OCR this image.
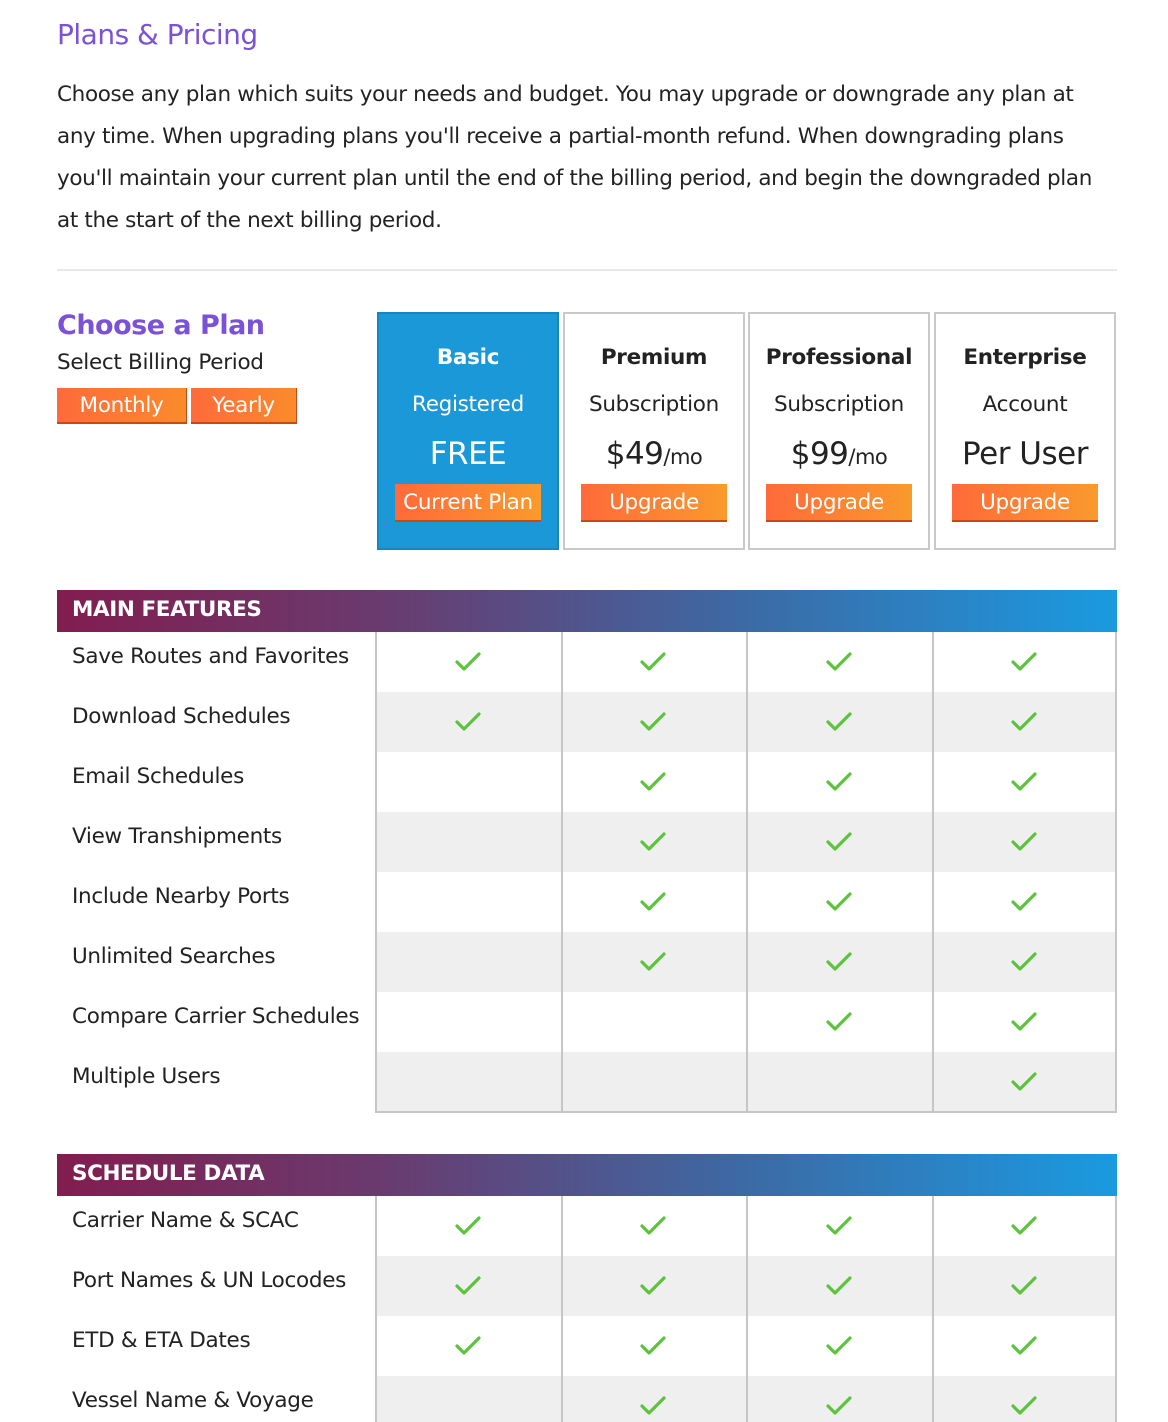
Plans & Pricing

Choose any plan which suits your needs and budget. You may upgrade or downgrade any plan at any time. When upgrading plans you'll receive a partial-month refund. When downgrading plans you'll maintain your current plan until the end of the billing period, and begin the downgraded plan at the start of the next billing period.

Choose a Plan
Select Billing Period
Monthly	Yearly
Basic
Registered
FREE
Current Plan
Premium
Subscription
$49/mo
Upgrade
Professional
Subscription
$99/mo
Upgrade
Enterprise
Account
Per User
Upgrade
MAIN FEATURES
Save Routes and Favorites
Download Schedules
Email Schedules
View Transhipments
Include Nearby Ports
Unlimited Searches
Compare Carrier Schedules
Multiple Users
SCHEDULE DATA
Carrier Name & SCAC
Port Names & UN Locodes
ETD & ETA Dates
Vessel Name & Voyage
